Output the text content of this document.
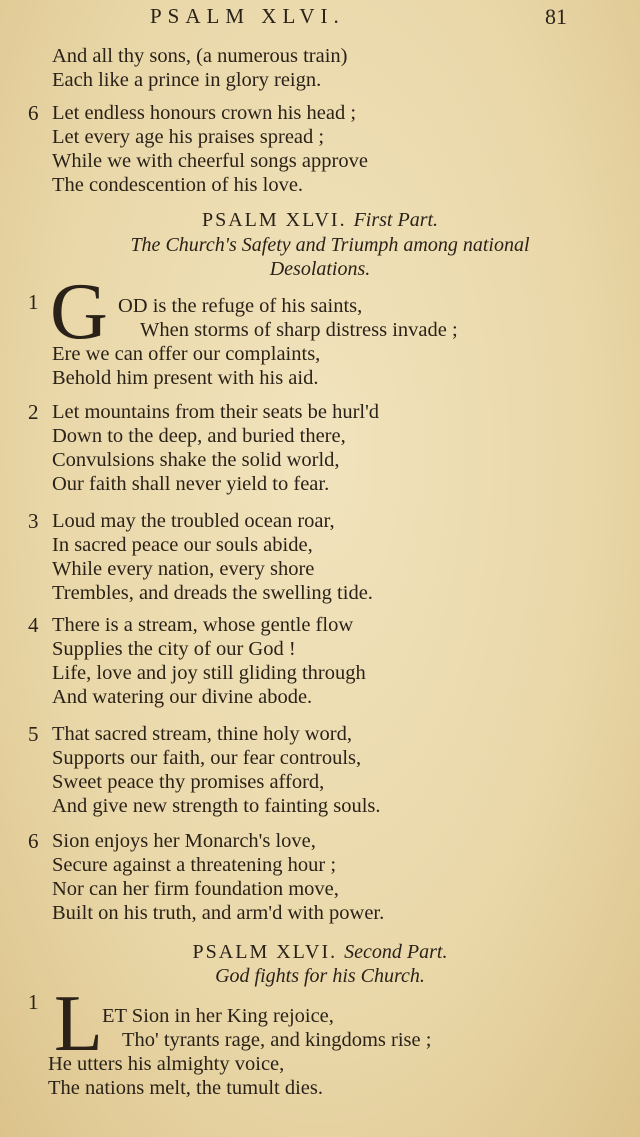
PSALM XLVI.	81
And all thy sons, (a numerous train)
Each like a prince in glory reign.
6 Let endless honours crown his head ;
Let every age his praises spread ;
While we with cheerful songs approve
The condescention of his love.
PSALM XLVI. First Part.
The Church's Safety and Triumph among national
Desolations.
1 G OD is the refuge of his saints,
When storms of sharp distress invade ;
Ere we can offer our complaints,
Behold him present with his aid.
2 Let mountains from their seats be hurl'd
Down to the deep, and buried there,
Convulsions shake the solid world,
Our faith shall never yield to fear.
3 Loud may the troubled ocean roar,
In sacred peace our souls abide,
While every nation, every shore
Trembles, and dreads the swelling tide.
4 There is a stream, whose gentle flow
Supplies the city of our God !
Life, love and joy still gliding through
And watering our divine abode.
5 That sacred stream, thine holy word,
Supports our faith, our fear controuls,
Sweet peace thy promises afford,
And give new strength to fainting souls.
6 Sion enjoys her Monarch's love,
Secure against a threatening hour ;
Nor can her firm foundation move,
Built on his truth, and arm'd with power.
PSALM XLVI. Second Part.
God fights for his Church.
1 L ET Sion in her King rejoice,
Tho' tyrants rage, and kingdoms rise ;
He utters his almighty voice,
The nations melt, the tumult dies.
